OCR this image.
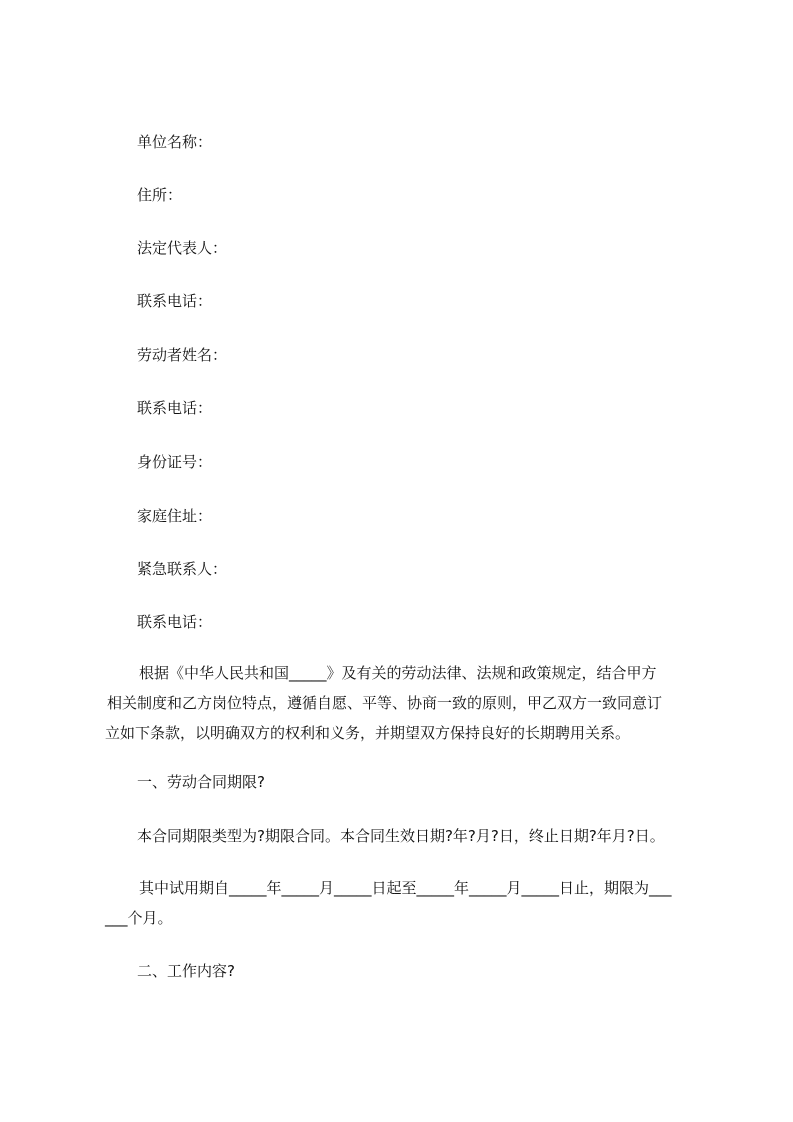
单位名称：

住所：

法定代表人：

联系电话：

劳动者姓名：

联系电话：

身份证号：

家庭住址：

紧急联系人：

联系电话：

根据《中华人民共和国_____》及有关的劳动法律、法规和政策规定，结合甲方
相关制度和乙方岗位特点，遵循自愿、平等、协商一致的原则，甲乙双方一致同意订
立如下条款，以明确双方的权利和义务，并期望双方保持良好的长期聘用关系。

一、劳动合同期限?

本合同期限类型为?期限合同。本合同生效日期?年?月?日，终止日期?年月?日。

其中试用期自_____年_____月_____日起至_____年_____月_____日止，期限为___
___个月。

二、工作内容?
